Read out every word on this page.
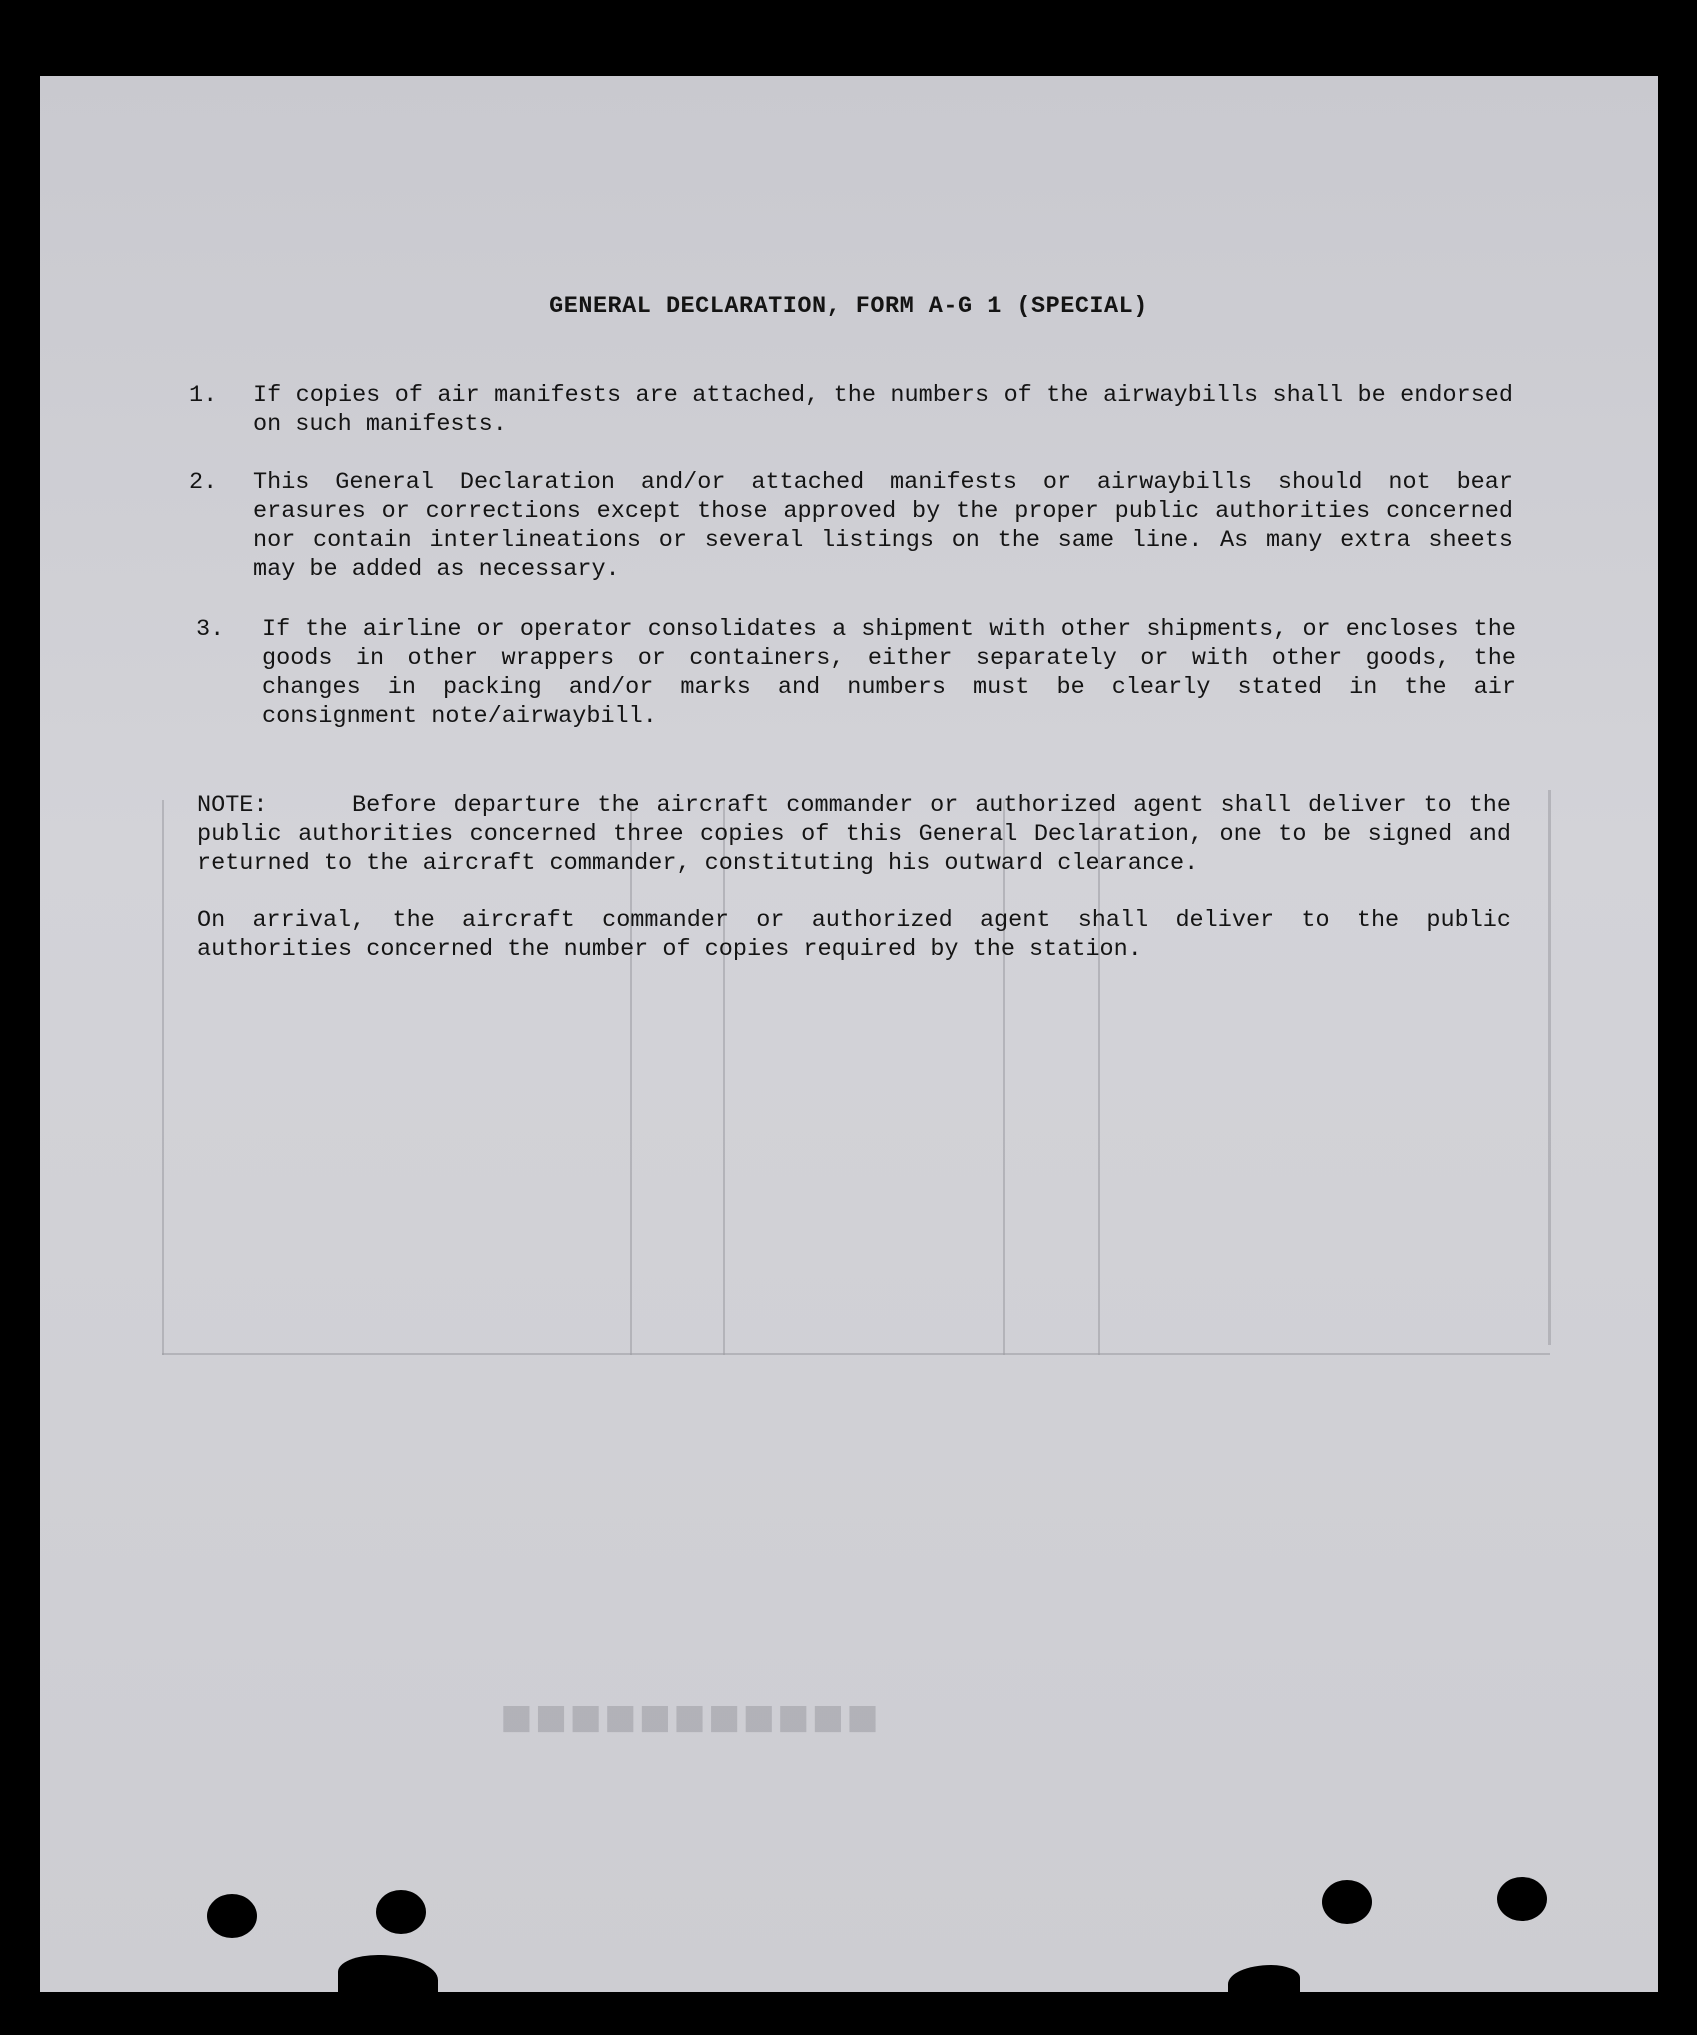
■■■■■■■■■■■
GENERAL DECLARATION, FORM A-G 1 (SPECIAL)
1. If copies of air manifests are attached, the numbers of the airwaybills shall be endorsed on such manifests.
2. This General Declaration and/or attached manifests or airwaybills should not bear erasures or corrections except those approved by the proper public authorities concerned nor contain interlineations or several listings on the same line. As many extra sheets may be added as necessary.
3. If the airline or operator consolidates a shipment with other shipments, or encloses the goods in other wrappers or containers, either separately or with other goods, the changes in packing and/or marks and numbers must be clearly stated in the air consignment note/airwaybill.

NOTE:	Before departure the aircraft commander or authorized agent shall deliver to the public authorities concerned three copies of this General Declaration, one to be signed and returned to the aircraft commander, constituting his outward clearance.

On arrival, the aircraft commander or authorized agent shall deliver to the public authorities concerned the number of copies required by the station.
